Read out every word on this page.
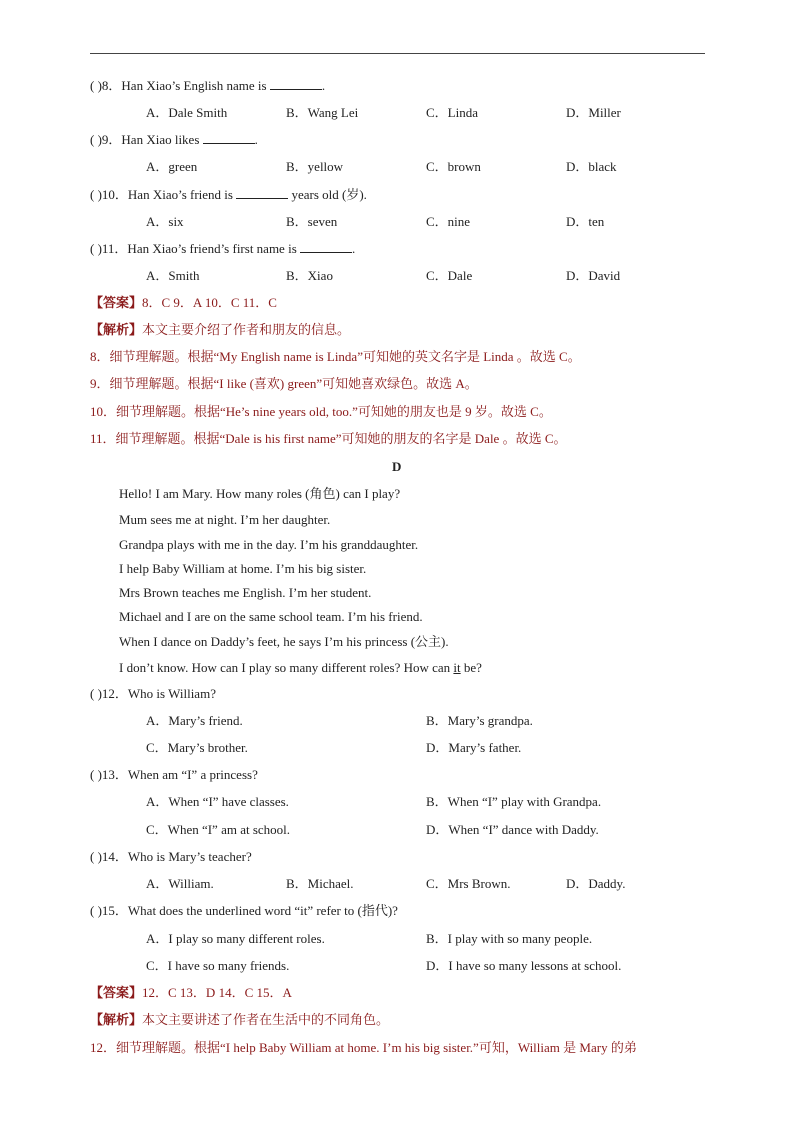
( )8．Han Xiao’s English name is	.
A．Dale Smith	B．Wang Lei	C．Linda	D．Miller
( )9．Han Xiao likes	.
A．green	B．yellow	C．brown	D．black
( )10．Han Xiao’s friend is	years old (岁).
A．six	B．seven	C．nine	D．ten
( )11．Han Xiao’s friend’s first name is	.
A．Smith	B．Xiao	C．Dale	D．David
【答案】8．C 9．A 10．C 11．C
【解析】本文主要介绍了作者和朋友的信息。
8．细节理解题。根据“My English name is Linda”可知她的英文名字是 Linda 。故选 C。
9．细节理解题。根据“I like (喜欢) green”可知她喜欢绿色。故选 A。
10．细节理解题。根据“He’s nine years old, too.”可知她的朋友也是 9 岁。故选 C。
11．细节理解题。根据“Dale is his first name”可知她的朋友的名字是 Dale 。故选 C。
D
Hello! I am Mary. How many roles (角色) can I play?
Mum sees me at night. I’m her daughter.
Grandpa plays with me in the day. I’m his granddaughter.
I help Baby William at home. I’m his big sister.
Mrs Brown teaches me English. I’m her student.
Michael and I are on the same school team. I’m his friend.
When I dance on Daddy’s feet, he says I’m his princess (公主).
I don’t know. How can I play so many different roles? How can it be?
( )12．Who is William?
A．Mary’s friend.	B．Mary’s grandpa.
C．Mary’s brother.	D．Mary’s father.
( )13．When am “I” a princess?
A．When “I” have classes.	B．When “I” play with Grandpa.
C．When “I” am at school.	D．When “I” dance with Daddy.
( )14．Who is Mary’s teacher?
A．William.	B．Michael.	C．Mrs Brown.	D．Daddy.
( )15．What does the underlined word “it” refer to (指代)?
A．I play so many different roles.	B．I play with so many people.
C．I have so many friends.	D．I have so many lessons at school.
【答案】12．C 13．D 14．C 15．A
【解析】本文主要讲述了作者在生活中的不同角色。
12．细节理解题。根据“I help Baby William at home. I’m his big sister.”可知，William 是 Mary 的弟
